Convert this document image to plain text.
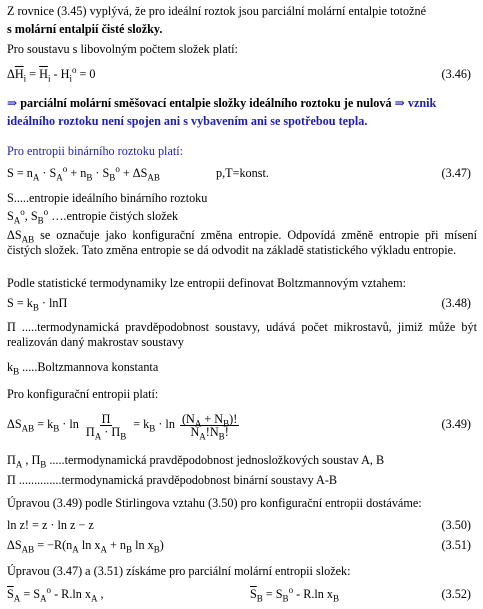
Z rovnice (3.45) vyplývá, že pro ideální roztok jsou parciální molární entalpie totožné
s molární entalpií čisté složky.
Pro soustavu s libovolným počtem složek platí:
$\Delta\overline{H}_i = \overline{H}_i - H_i^o = 0$	(3.46)
⇒ parciální molární směšovací entalpie složky ideálního roztoku je nulová ⇒ vznik
ideálního roztoku není spojen ani s vybavením ani se spotřebou tepla.
Pro entropii binárního roztoku platí:
$S = n_A \cdot S_A^o + n_B \cdot S_B^o + \Delta S_{AB}$	p,T=konst.	(3.47)
S.....entropie ideálního binárního roztoku
$S_A^o$, $S_B^o$ ….entropie čistých složek
$\Delta S_{AB}$ se označuje jako konfigurační změna entropie. Odpovídá změně entropie při mísení čistých složek. Tato změna entropie se dá odvodit na základě statistického výkladu entropie.
Podle statistické termodynamiky lze entropii definovat Boltzmannovým vztahem:
$S = k_B \cdot \ln\Pi$	(3.48)
Π .....termodynamická pravděpodobnost soustavy, udává počet mikrostavů, jimiž může být realizován daný makrostav soustavy
$k_B$ .....Boltzmannova konstanta
Pro konfigurační entropii platí:
$\Delta S_{AB} = k_B \cdot \ln \frac{\Pi}{\Pi_A \cdot \Pi_B} = k_B \cdot \ln \frac{(N_A + N_B)!}{N_A!N_B!}$	(3.49)
$\Pi_A$ , $\Pi_B$ .....termodynamická pravděpodobnost jednosložkových soustav A, B
Π ..............termodynamická pravděpodobnost binární soustavy A-B
Úpravou (3.49) podle Stirlingova vztahu (3.50) pro konfigurační entropii dostáváme:
ln z! = z · ln z − z	(3.50)
$\Delta S_{AB} = -R(n_A$ $\ln x_A + n_B$ $\ln x_B$)	(3.51)
Úpravou (3.47) a (3.51) získáme pro parciální molární entropii složek:
$\overline{S}_A = S_A^o - R.\ln$ $x_A$ ,	$\overline{S}_B = S_B^o - R.\ln$ $x_B$	(3.52)
